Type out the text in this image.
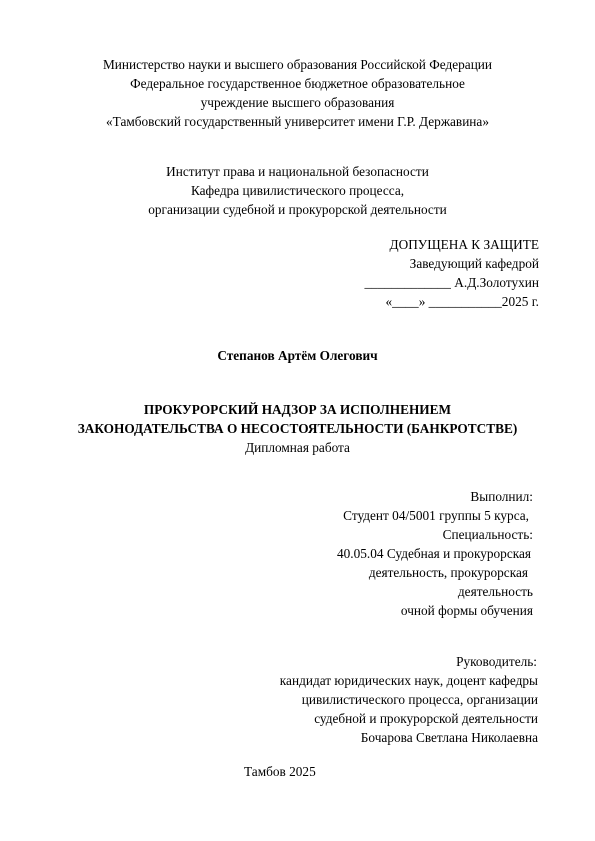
Министерство науки и высшего образования Российской Федерации
Федеральное государственное бюджетное образовательное
учреждение высшего образования
«Тамбовский государственный университет имени Г.Р. Державина»
Институт права и национальной безопасности
Кафедра цивилистического процесса,
организации судебной и прокурорской деятельности
ДОПУЩЕНА К ЗАЩИТЕ
Заведующий кафедрой
_____________ А.Д.Золотухин
«____» ___________2025 г.
Степанов Артём Олегович
ПРОКУРОРСКИЙ НАДЗОР ЗА ИСПОЛНЕНИЕМ
ЗАКОНОДАТЕЛЬСТВА О НЕСОСТОЯТЕЛЬНОСТИ (БАНКРОТСТВЕ)
Дипломная работа
Выполнил:
Студент 04/5001 группы 5 курса,
Специальность:
40.05.04 Судебная и прокурорская
деятельность, прокурорская
деятельность
очной формы обучения
Руководитель:
кандидат юридических наук, доцент кафедры
цивилистического процесса, организации
судебной и прокурорской деятельности
Бочарова Светлана Николаевна
Тамбов 2025
